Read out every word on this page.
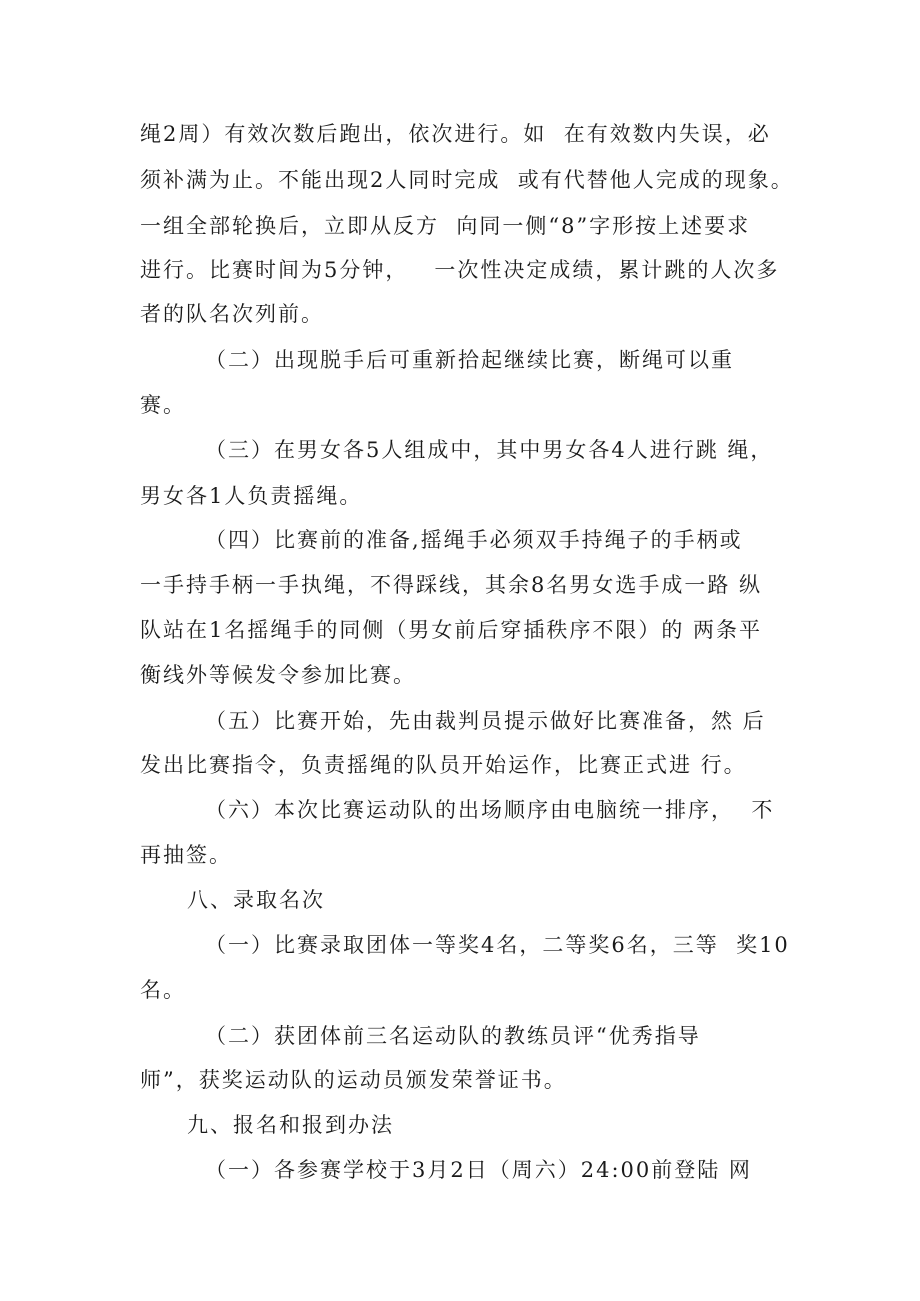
绳2周）有效次数后跑出，依次进行。如  在有效数内失误，必
须补满为止。不能出现2人同时完成  或有代替他人完成的现象。
一组全部轮换后，立即从反方  向同一侧“8”字形按上述要求
进行。比赛时间为5分钟，   一次性决定成绩，累计跳的人次多
者的队名次列前。
（二）出现脱手后可重新拾起继续比赛，断绳可以重
赛。
（三）在男女各5人组成中，其中男女各4人进行跳 绳，
男女各1人负责摇绳。
（四）比赛前的准备,摇绳手必须双手持绳子的手柄或
一手持手柄一手执绳，不得踩线，其余8名男女选手成一路 纵
队站在1名摇绳手的同侧（男女前后穿插秩序不限）的 两条平
衡线外等候发令参加比赛。
（五）比赛开始，先由裁判员提示做好比赛准备，然 后
发出比赛指令，负责摇绳的队员开始运作，比赛正式进 行。
（六）本次比赛运动队的出场顺序由电脑统一排序，  不
再抽签。
八、录取名次
（一）比赛录取团体一等奖4名，二等奖6名，三等  奖10
名。
（二）获团体前三名运动队的教练员评“优秀指导
师”，获奖运动队的运动员颁发荣誉证书。
九、报名和报到办法
（一）各参赛学校于3月2日（周六）24:00前登陆 网
